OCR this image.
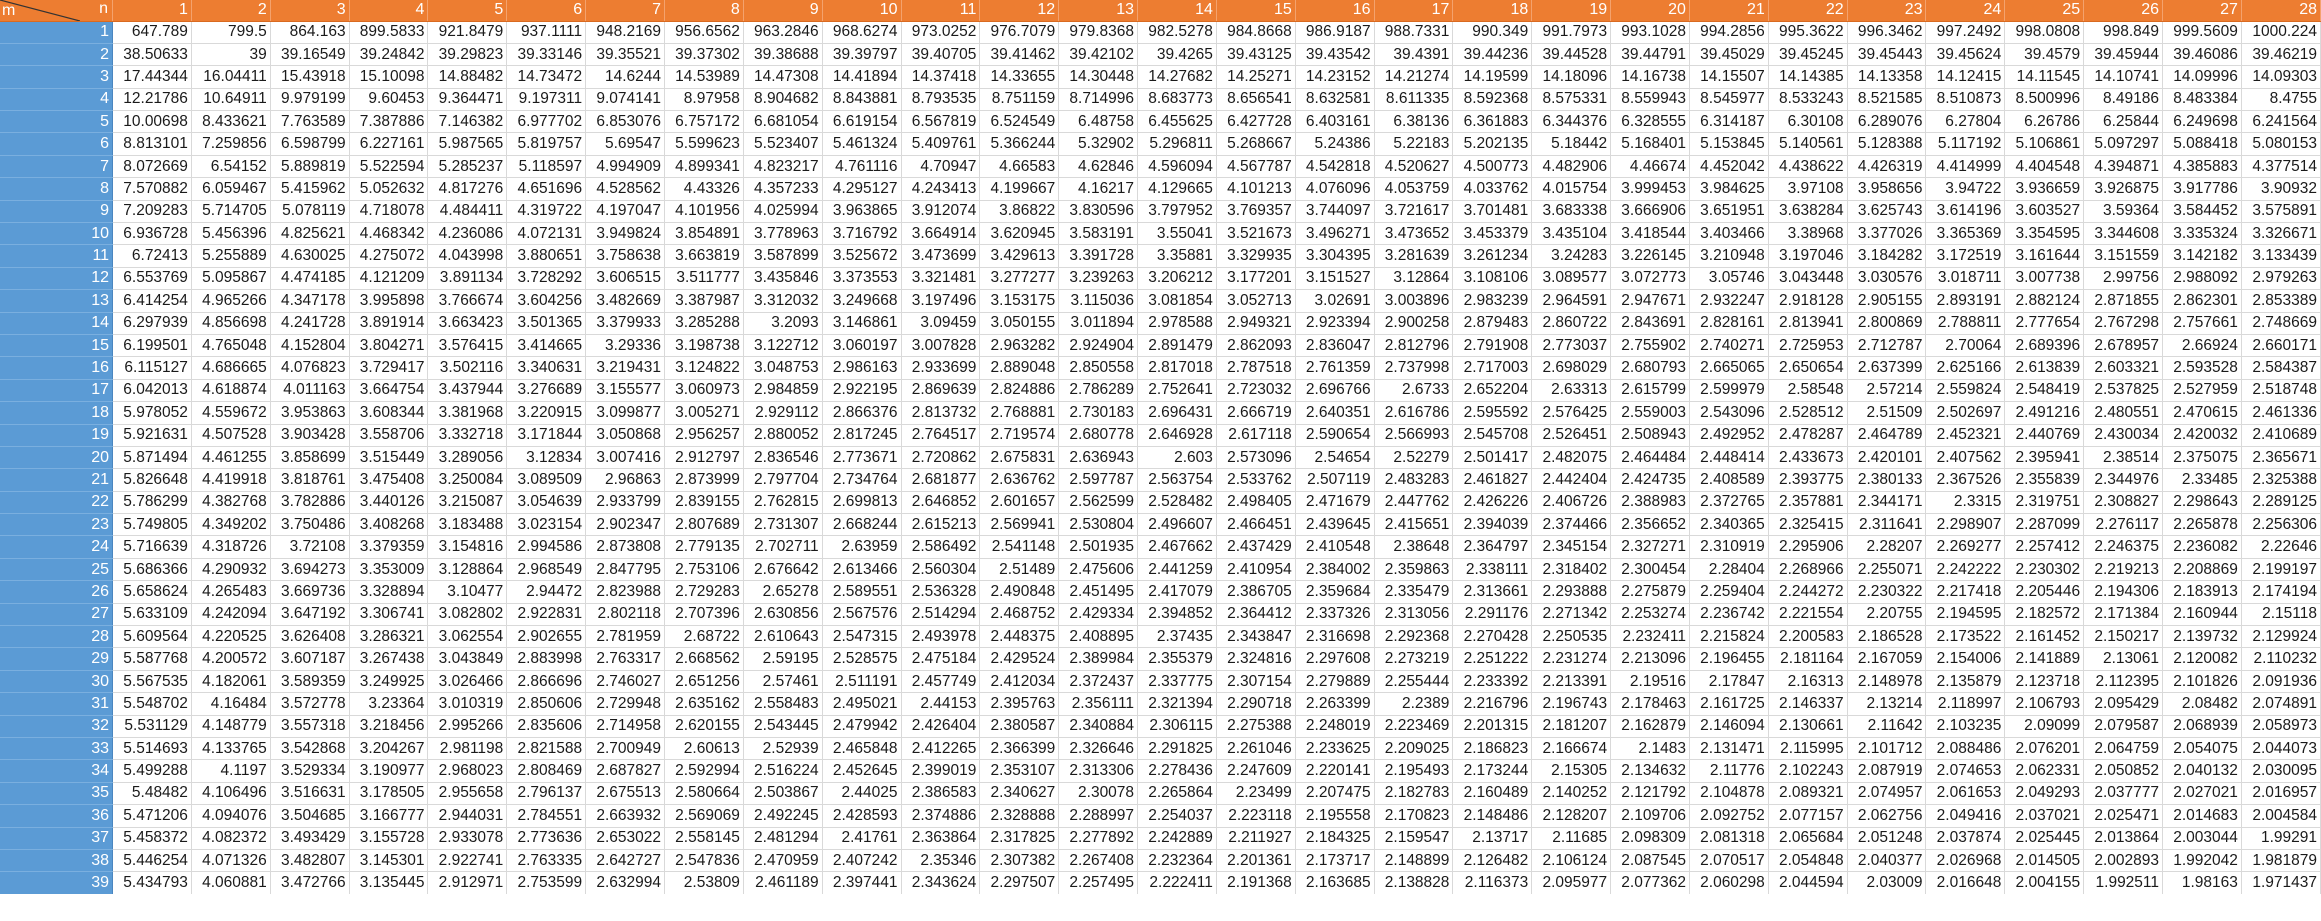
m n	1	2	3	4	5	6	7	8	9	10	11	12	13	14	15	16	17	18	19	20	21	22	23	24	25	26	27	28
1	647.789	799.5	864.163	899.5833	921.8479	937.1111	948.2169	956.6562	963.2846	968.6274	973.0252	976.7079	979.8368	982.5278	984.8668	986.9187	988.7331	990.349	991.7973	993.1028	994.2856	995.3622	996.3462	997.2492	998.0808	998.849	999.5609	1000.224
2	38.50633	39	39.16549	39.24842	39.29823	39.33146	39.35521	39.37302	39.38688	39.39797	39.40705	39.41462	39.42102	39.4265	39.43125	39.43542	39.4391	39.44236	39.44528	39.44791	39.45029	39.45245	39.45443	39.45624	39.4579	39.45944	39.46086	39.46219
3	17.44344	16.04411	15.43918	15.10098	14.88482	14.73472	14.6244	14.53989	14.47308	14.41894	14.37418	14.33655	14.30448	14.27682	14.25271	14.23152	14.21274	14.19599	14.18096	14.16738	14.15507	14.14385	14.13358	14.12415	14.11545	14.10741	14.09996	14.09303
4	12.21786	10.64911	9.979199	9.60453	9.364471	9.197311	9.074141	8.97958	8.904682	8.843881	8.793535	8.751159	8.714996	8.683773	8.656541	8.632581	8.611335	8.592368	8.575331	8.559943	8.545977	8.533243	8.521585	8.510873	8.500996	8.49186	8.483384	8.4755
5	10.00698	8.433621	7.763589	7.387886	7.146382	6.977702	6.853076	6.757172	6.681054	6.619154	6.567819	6.524549	6.48758	6.455625	6.427728	6.403161	6.38136	6.361883	6.344376	6.328555	6.314187	6.30108	6.289076	6.27804	6.26786	6.25844	6.249698	6.241564
6	8.813101	7.259856	6.598799	6.227161	5.987565	5.819757	5.69547	5.599623	5.523407	5.461324	5.409761	5.366244	5.32902	5.296811	5.268667	5.24386	5.22183	5.202135	5.18442	5.168401	5.153845	5.140561	5.128388	5.117192	5.106861	5.097297	5.088418	5.080153
7	8.072669	6.54152	5.889819	5.522594	5.285237	5.118597	4.994909	4.899341	4.823217	4.761116	4.70947	4.66583	4.62846	4.596094	4.567787	4.542818	4.520627	4.500773	4.482906	4.46674	4.452042	4.438622	4.426319	4.414999	4.404548	4.394871	4.385883	4.377514
8	7.570882	6.059467	5.415962	5.052632	4.817276	4.651696	4.528562	4.43326	4.357233	4.295127	4.243413	4.199667	4.16217	4.129665	4.101213	4.076096	4.053759	4.033762	4.015754	3.999453	3.984625	3.97108	3.958656	3.94722	3.936659	3.926875	3.917786	3.90932
9	7.209283	5.714705	5.078119	4.718078	4.484411	4.319722	4.197047	4.101956	4.025994	3.963865	3.912074	3.86822	3.830596	3.797952	3.769357	3.744097	3.721617	3.701481	3.683338	3.666906	3.651951	3.638284	3.625743	3.614196	3.603527	3.59364	3.584452	3.575891
10	6.936728	5.456396	4.825621	4.468342	4.236086	4.072131	3.949824	3.854891	3.778963	3.716792	3.664914	3.620945	3.583191	3.55041	3.521673	3.496271	3.473652	3.453379	3.435104	3.418544	3.403466	3.38968	3.377026	3.365369	3.354595	3.344608	3.335324	3.326671
11	6.72413	5.255889	4.630025	4.275072	4.043998	3.880651	3.758638	3.663819	3.587899	3.525672	3.473699	3.429613	3.391728	3.35881	3.329935	3.304395	3.281639	3.261234	3.24283	3.226145	3.210948	3.197046	3.184282	3.172519	3.161644	3.151559	3.142182	3.133439
12	6.553769	5.095867	4.474185	4.121209	3.891134	3.728292	3.606515	3.511777	3.435846	3.373553	3.321481	3.277277	3.239263	3.206212	3.177201	3.151527	3.12864	3.108106	3.089577	3.072773	3.05746	3.043448	3.030576	3.018711	3.007738	2.99756	2.988092	2.979263
13	6.414254	4.965266	4.347178	3.995898	3.766674	3.604256	3.482669	3.387987	3.312032	3.249668	3.197496	3.153175	3.115036	3.081854	3.052713	3.02691	3.003896	2.983239	2.964591	2.947671	2.932247	2.918128	2.905155	2.893191	2.882124	2.871855	2.862301	2.853389
14	6.297939	4.856698	4.241728	3.891914	3.663423	3.501365	3.379933	3.285288	3.2093	3.146861	3.09459	3.050155	3.011894	2.978588	2.949321	2.923394	2.900258	2.879483	2.860722	2.843691	2.828161	2.813941	2.800869	2.788811	2.777654	2.767298	2.757661	2.748669
15	6.199501	4.765048	4.152804	3.804271	3.576415	3.414665	3.29336	3.198738	3.122712	3.060197	3.007828	2.963282	2.924904	2.891479	2.862093	2.836047	2.812796	2.791908	2.773037	2.755902	2.740271	2.725953	2.712787	2.70064	2.689396	2.678957	2.66924	2.660171
16	6.115127	4.686665	4.076823	3.729417	3.502116	3.340631	3.219431	3.124822	3.048753	2.986163	2.933699	2.889048	2.850558	2.817018	2.787518	2.761359	2.737998	2.717003	2.698029	2.680793	2.665065	2.650654	2.637399	2.625166	2.613839	2.603321	2.593528	2.584387
17	6.042013	4.618874	4.011163	3.664754	3.437944	3.276689	3.155577	3.060973	2.984859	2.922195	2.869639	2.824886	2.786289	2.752641	2.723032	2.696766	2.6733	2.652204	2.63313	2.615799	2.599979	2.58548	2.57214	2.559824	2.548419	2.537825	2.527959	2.518748
18	5.978052	4.559672	3.953863	3.608344	3.381968	3.220915	3.099877	3.005271	2.929112	2.866376	2.813732	2.768881	2.730183	2.696431	2.666719	2.640351	2.616786	2.595592	2.576425	2.559003	2.543096	2.528512	2.51509	2.502697	2.491216	2.480551	2.470615	2.461336
19	5.921631	4.507528	3.903428	3.558706	3.332718	3.171844	3.050868	2.956257	2.880052	2.817245	2.764517	2.719574	2.680778	2.646928	2.617118	2.590654	2.566993	2.545708	2.526451	2.508943	2.492952	2.478287	2.464789	2.452321	2.440769	2.430034	2.420032	2.410689
20	5.871494	4.461255	3.858699	3.515449	3.289056	3.12834	3.007416	2.912797	2.836546	2.773671	2.720862	2.675831	2.636943	2.603	2.573096	2.54654	2.52279	2.501417	2.482075	2.464484	2.448414	2.433673	2.420101	2.407562	2.395941	2.38514	2.375075	2.365671
21	5.826648	4.419918	3.818761	3.475408	3.250084	3.089509	2.96863	2.873999	2.797704	2.734764	2.681877	2.636762	2.597787	2.563754	2.533762	2.507119	2.483283	2.461827	2.442404	2.424735	2.408589	2.393775	2.380133	2.367526	2.355839	2.344976	2.33485	2.325388
22	5.786299	4.382768	3.782886	3.440126	3.215087	3.054639	2.933799	2.839155	2.762815	2.699813	2.646852	2.601657	2.562599	2.528482	2.498405	2.471679	2.447762	2.426226	2.406726	2.388983	2.372765	2.357881	2.344171	2.3315	2.319751	2.308827	2.298643	2.289125
23	5.749805	4.349202	3.750486	3.408268	3.183488	3.023154	2.902347	2.807689	2.731307	2.668244	2.615213	2.569941	2.530804	2.496607	2.466451	2.439645	2.415651	2.394039	2.374466	2.356652	2.340365	2.325415	2.311641	2.298907	2.287099	2.276117	2.265878	2.256306
24	5.716639	4.318726	3.72108	3.379359	3.154816	2.994586	2.873808	2.779135	2.702711	2.63959	2.586492	2.541148	2.501935	2.467662	2.437429	2.410548	2.38648	2.364797	2.345154	2.327271	2.310919	2.295906	2.28207	2.269277	2.257412	2.246375	2.236082	2.22646
25	5.686366	4.290932	3.694273	3.353009	3.128864	2.968549	2.847795	2.753106	2.676642	2.613466	2.560304	2.51489	2.475606	2.441259	2.410954	2.384002	2.359863	2.338111	2.318402	2.300454	2.28404	2.268966	2.255071	2.242222	2.230302	2.219213	2.208869	2.199197
26	5.658624	4.265483	3.669736	3.328894	3.10477	2.94472	2.823988	2.729283	2.65278	2.589551	2.536328	2.490848	2.451495	2.417079	2.386705	2.359684	2.335479	2.313661	2.293888	2.275879	2.259404	2.244272	2.230322	2.217418	2.205446	2.194306	2.183913	2.174194
27	5.633109	4.242094	3.647192	3.306741	3.082802	2.922831	2.802118	2.707396	2.630856	2.567576	2.514294	2.468752	2.429334	2.394852	2.364412	2.337326	2.313056	2.291176	2.271342	2.253274	2.236742	2.221554	2.20755	2.194595	2.182572	2.171384	2.160944	2.15118
28	5.609564	4.220525	3.626408	3.286321	3.062554	2.902655	2.781959	2.68722	2.610643	2.547315	2.493978	2.448375	2.408895	2.37435	2.343847	2.316698	2.292368	2.270428	2.250535	2.232411	2.215824	2.200583	2.186528	2.173522	2.161452	2.150217	2.139732	2.129924
29	5.587768	4.200572	3.607187	3.267438	3.043849	2.883998	2.763317	2.668562	2.59195	2.528575	2.475184	2.429524	2.389984	2.355379	2.324816	2.297608	2.273219	2.251222	2.231274	2.213096	2.196455	2.181164	2.167059	2.154006	2.141889	2.13061	2.120082	2.110232
30	5.567535	4.182061	3.589359	3.249925	3.026466	2.866696	2.746027	2.651256	2.57461	2.511191	2.457749	2.412034	2.372437	2.337775	2.307154	2.279889	2.255444	2.233392	2.213391	2.19516	2.17847	2.16313	2.148978	2.135879	2.123718	2.112395	2.101826	2.091936
31	5.548702	4.16484	3.572778	3.23364	3.010319	2.850606	2.729948	2.635162	2.558483	2.495021	2.44153	2.395763	2.356111	2.321394	2.290718	2.263399	2.2389	2.216796	2.196743	2.178463	2.161725	2.146337	2.13214	2.118997	2.106793	2.095429	2.08482	2.074891
32	5.531129	4.148779	3.557318	3.218456	2.995266	2.835606	2.714958	2.620155	2.543445	2.479942	2.426404	2.380587	2.340884	2.306115	2.275388	2.248019	2.223469	2.201315	2.181207	2.162879	2.146094	2.130661	2.11642	2.103235	2.09099	2.079587	2.068939	2.058973
33	5.514693	4.133765	3.542868	3.204267	2.981198	2.821588	2.700949	2.60613	2.52939	2.465848	2.412265	2.366399	2.326646	2.291825	2.261046	2.233625	2.209025	2.186823	2.166674	2.1483	2.131471	2.115995	2.101712	2.088486	2.076201	2.064759	2.054075	2.044073
34	5.499288	4.1197	3.529334	3.190977	2.968023	2.808469	2.687827	2.592994	2.516224	2.452645	2.399019	2.353107	2.313306	2.278436	2.247609	2.220141	2.195493	2.173244	2.15305	2.134632	2.11776	2.102243	2.087919	2.074653	2.062331	2.050852	2.040132	2.030095
35	5.48482	4.106496	3.516631	3.178505	2.955658	2.796137	2.675513	2.580664	2.503867	2.44025	2.386583	2.340627	2.30078	2.265864	2.23499	2.207475	2.182783	2.160489	2.140252	2.121792	2.104878	2.089321	2.074957	2.061653	2.049293	2.037777	2.027021	2.016957
36	5.471206	4.094076	3.504685	3.166777	2.944031	2.784551	2.663932	2.569069	2.492245	2.428593	2.374886	2.328888	2.288997	2.254037	2.223118	2.195558	2.170823	2.148486	2.128207	2.109706	2.092752	2.077157	2.062756	2.049416	2.037021	2.025471	2.014683	2.004584
37	5.458372	4.082372	3.493429	3.155728	2.933078	2.773636	2.653022	2.558145	2.481294	2.41761	2.363864	2.317825	2.277892	2.242889	2.211927	2.184325	2.159547	2.13717	2.11685	2.098309	2.081318	2.065684	2.051248	2.037874	2.025445	2.013864	2.003044	1.99291
38	5.446254	4.071326	3.482807	3.145301	2.922741	2.763335	2.642727	2.547836	2.470959	2.407242	2.35346	2.307382	2.267408	2.232364	2.201361	2.173717	2.148899	2.126482	2.106124	2.087545	2.070517	2.054848	2.040377	2.026968	2.014505	2.002893	1.992042	1.981879
39	5.434793	4.060881	3.472766	3.135445	2.912971	2.753599	2.632994	2.53809	2.461189	2.397441	2.343624	2.297507	2.257495	2.222411	2.191368	2.163685	2.138828	2.116373	2.095977	2.077362	2.060298	2.044594	2.03009	2.016648	2.004155	1.992511	1.98163	1.971437
